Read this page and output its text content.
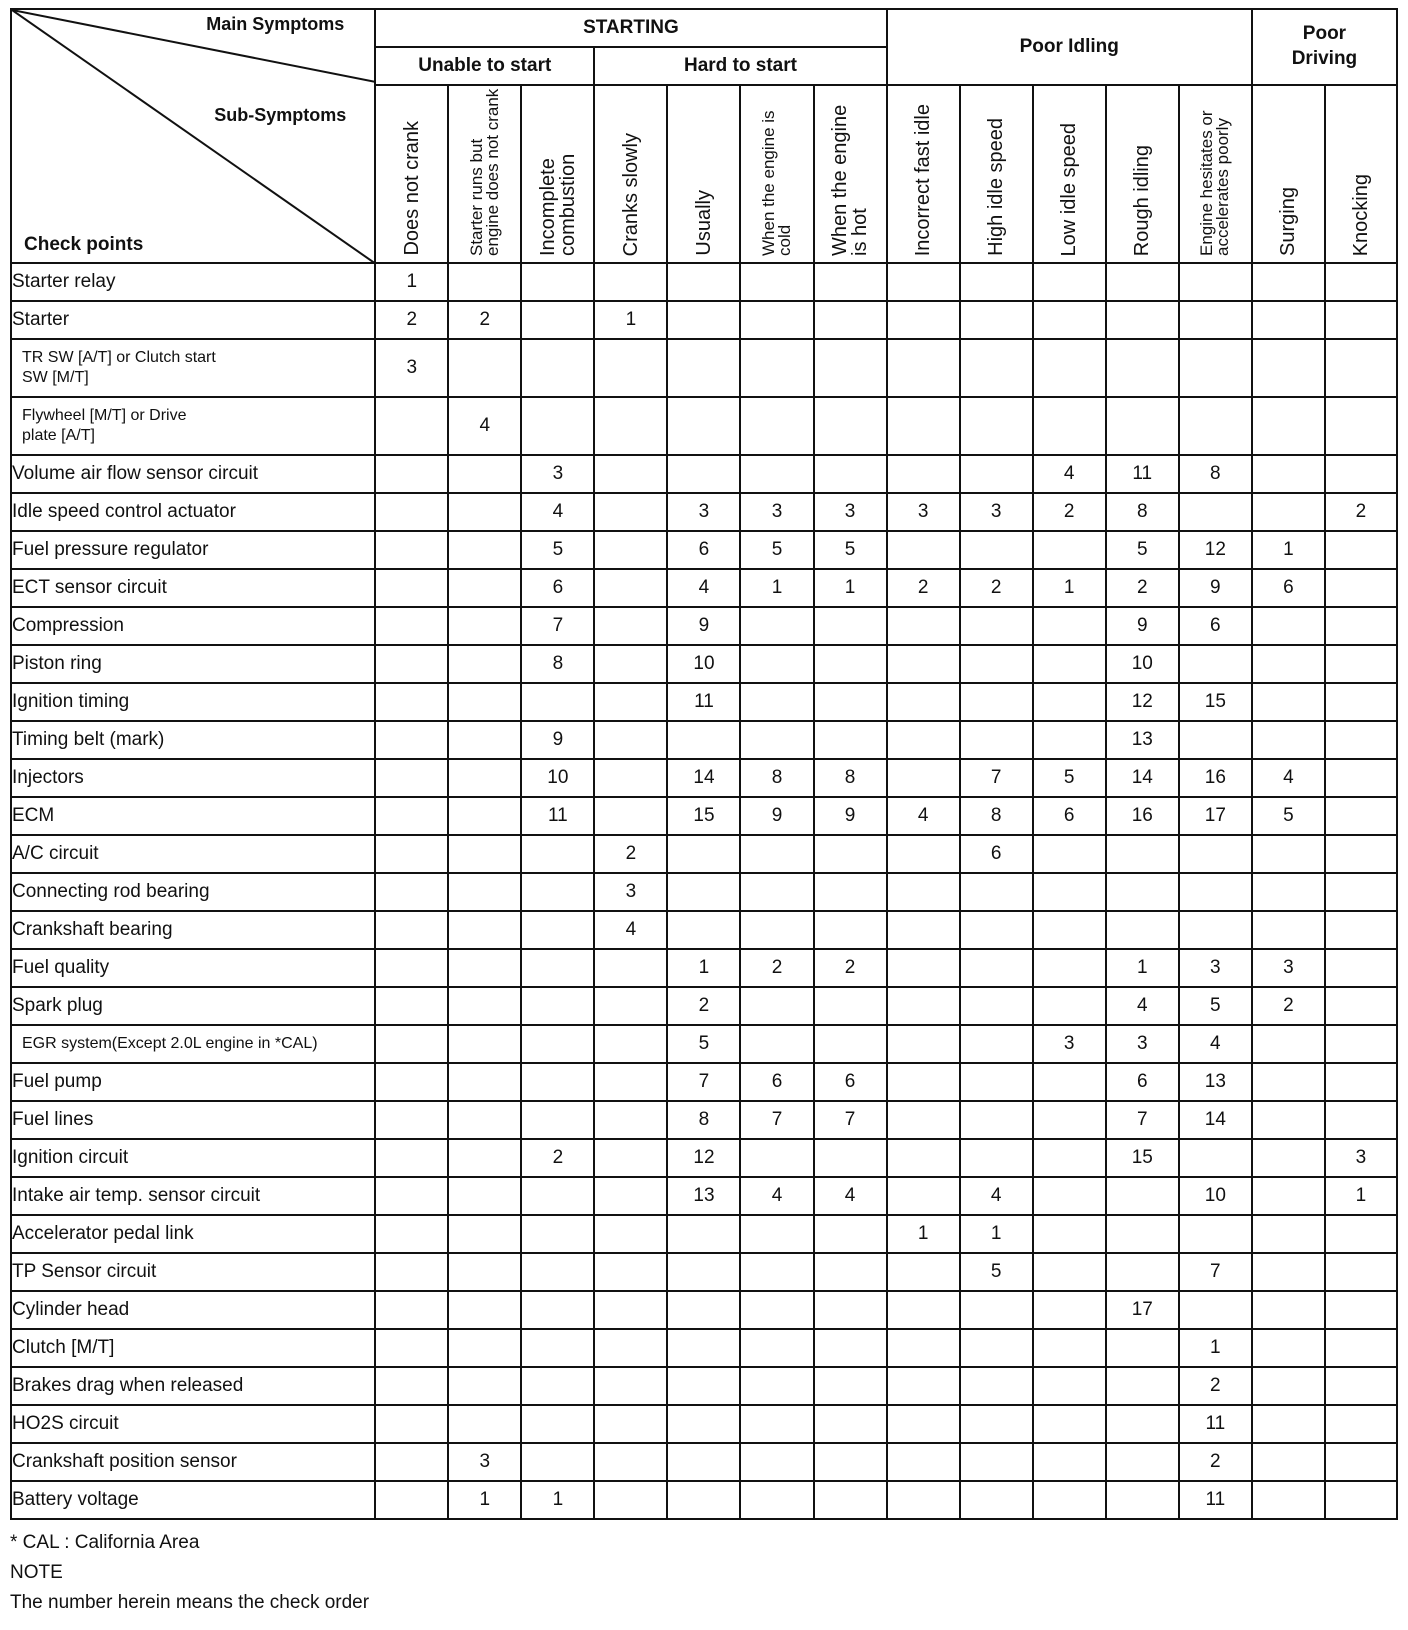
Main Symptoms
Sub-Symptoms
Check points	STARTING							Poor Idling					Poor Driving	
	Unable to start			Hard to start										

	Does not crank	Starter runs but engine does not crank	Incomplete combustion	Cranks slowly	Usually	When the engine is cold	When the engine is hot	Incorrect fast idle	High idle speed	Low idle speed	Rough idling	Engine hesitates or accelerates poorly	Surging	Knocking

Starter relay	1													
Starter	2	2		1										
TR SW [A/T] or Clutch start SW [M/T]	3													
Flywheel [M/T] or Drive plate [A/T]		4												
Volume air flow sensor circuit			3							4	11	8		
Idle speed control actuator			4		3	3	3	3	3	2	8			2
Fuel pressure regulator			5		6	5	5				5	12	1	
ECT sensor circuit			6		4	1	1	2	2	1	2	9	6	
Compression			7		9						9	6		
Piston ring			8		10						10			
Ignition timing					11						12	15		
Timing belt (mark)			9								13			
Injectors			10		14	8	8		7	5	14	16	4	
ECM			11		15	9	9	4	8	6	16	17	5	
A/C circuit				2					6					
Connecting rod bearing				3										
Crankshaft bearing				4										
Fuel quality					1	2	2				1	3	3	
Spark plug					2						4	5	2	
EGR system(Except 2.0L engine in *CAL)					5					3	3	4		
Fuel pump					7	6	6				6	13		
Fuel lines					8	7	7				7	14		
Ignition circuit			2		12						15			3
Intake air temp. sensor circuit					13	4	4		4			10		1
Accelerator pedal link								1	1					
TP Sensor circuit									5			7		
Cylinder head											17			
Clutch [M/T]												1		
Brakes drag when released												2		
HO2S circuit												11		
Crankshaft position sensor		3										2		
Battery voltage		1	1									11		
* CAL : California Area
NOTE
The number herein means the check order
